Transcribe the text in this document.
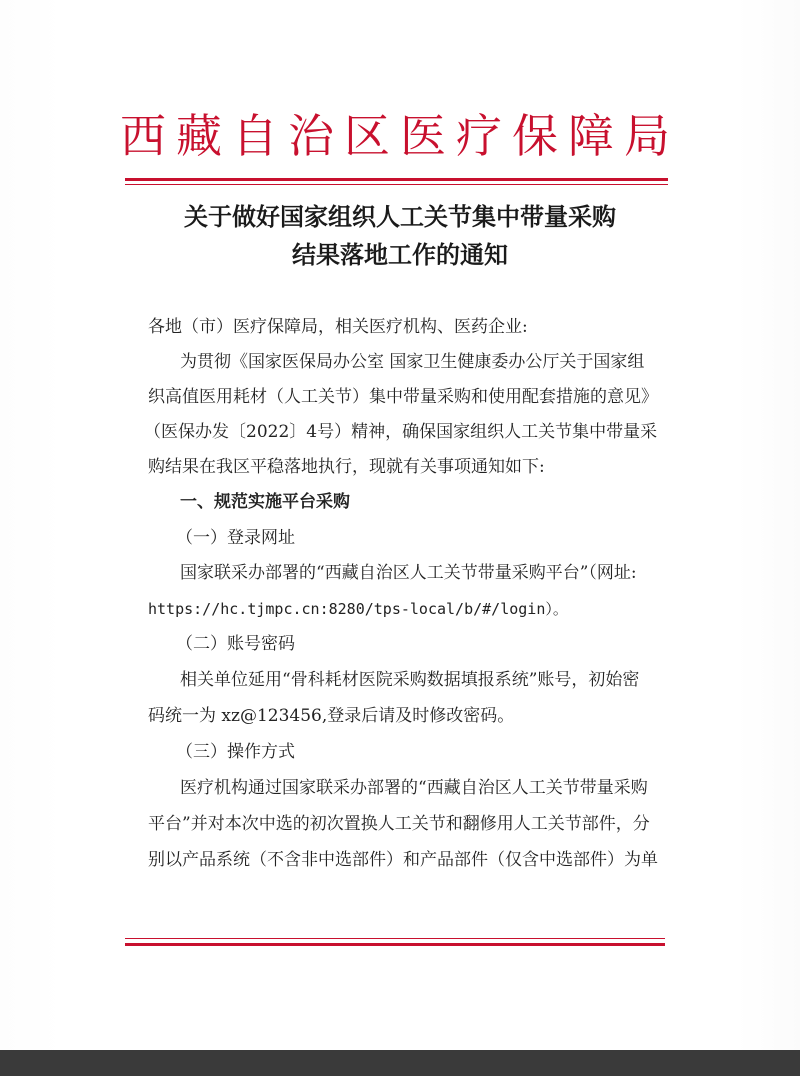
西藏自治区医疗保障局
关于做好国家组织人工关节集中带量采购
结果落地工作的通知
各地（市）医疗保障局，相关医疗机构、医药企业:
为贯彻《国家医保局办公室 国家卫生健康委办公厅关于国家组
织高值医用耗材（人工关节）集中带量采购和使用配套措施的意见》
（医保办发〔2022〕4号）精神，确保国家组织人工关节集中带量采
购结果在我区平稳落地执行，现就有关事项通知如下:
一、规范实施平台采购
（一）登录网址
国家联采办部署的“西藏自治区人工关节带量采购平台”（网址:
https://hc.tjmpc.cn:8280/tps-local/b/#/login）。
（二）账号密码
相关单位延用“骨科耗材医院采购数据填报系统”账号，初始密
码统一为 xz@123456,登录后请及时修改密码。
（三）操作方式
医疗机构通过国家联采办部署的“西藏自治区人工关节带量采购
平台”并对本次中选的初次置换人工关节和翻修用人工关节部件，分
别以产品系统（不含非中选部件）和产品部件（仅含中选部件）为单
